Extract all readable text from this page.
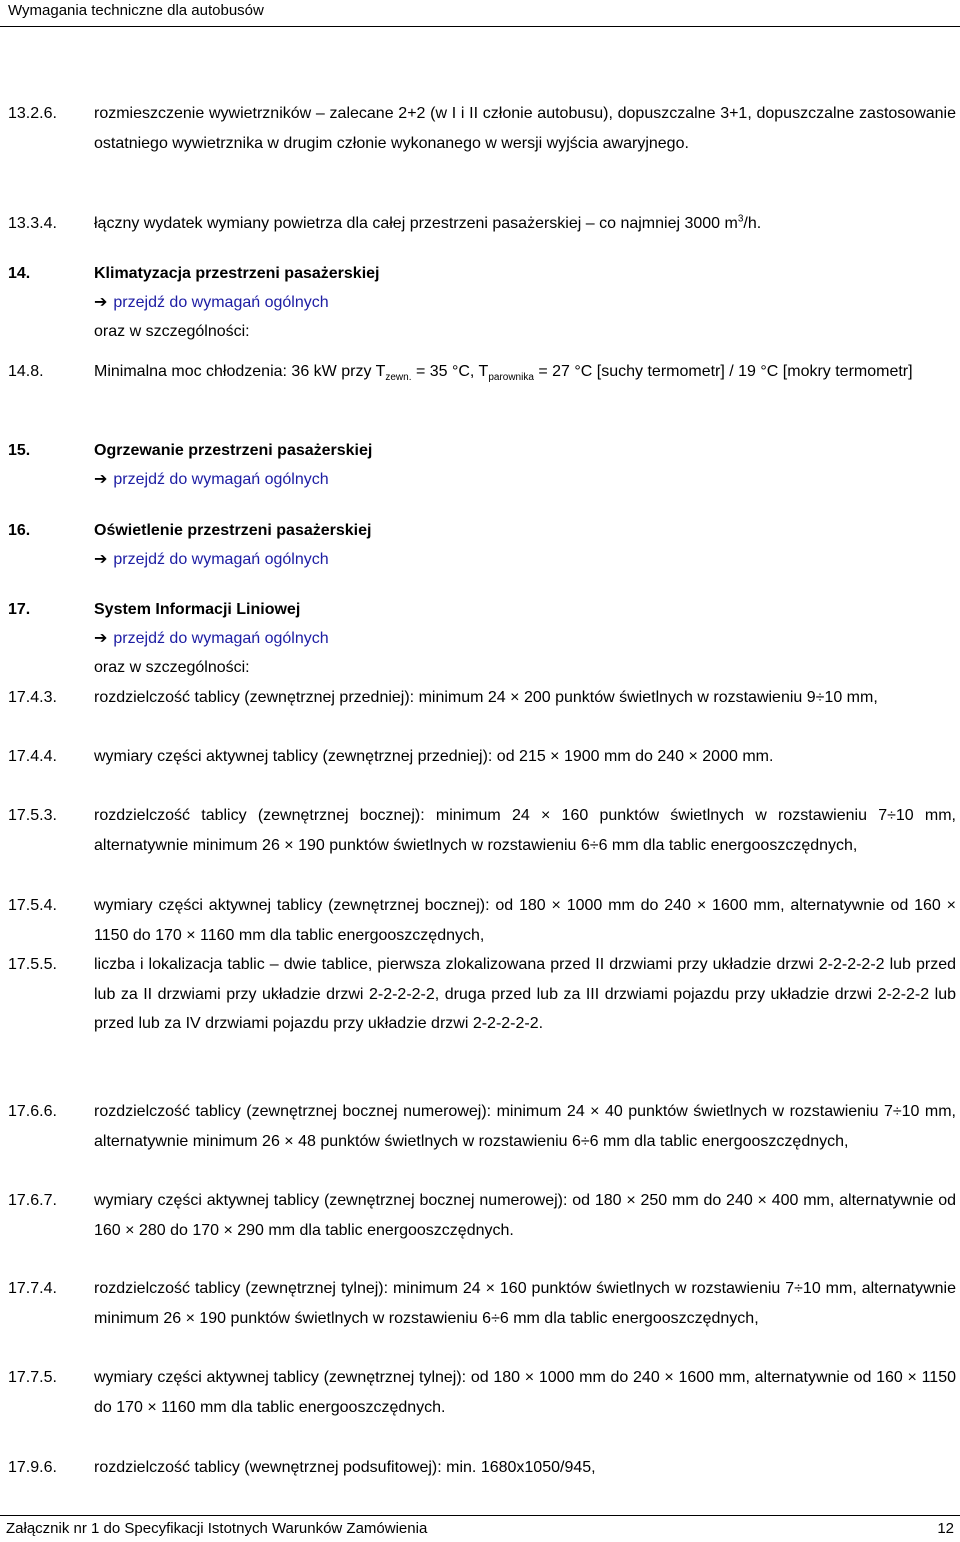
Wymagania techniczne dla autobusów
13.2.6.	rozmieszczenie wywietrzników – zalecane 2+2 (w I i II członie autobusu), dopuszczalne 3+1, dopuszczalne zastosowanie ostatniego wywietrznika w drugim członie wykonanego w wersji wyjścia awaryjnego.
13.3.4.	łączny wydatek wymiany powietrza dla całej przestrzeni pasażerskiej – co najmniej 3000 $m^3/h$.
14.	Klimatyzacja przestrzeni pasażerskiej
➔ przejdź do wymagań ogólnych
oraz w szczególności:
14.8.	Minimalna moc chłodzenia: 36 kW przy $T_{zewn.} = 35$ °C, $T_{parownika} = 27$ °C [suchy termometr] / 19 °C [mokry termometr]
15.	Ogrzewanie przestrzeni pasażerskiej
➔ przejdź do wymagań ogólnych
16.	Oświetlenie przestrzeni pasażerskiej
➔ przejdź do wymagań ogólnych
17.	System Informacji Liniowej
➔ przejdź do wymagań ogólnych
oraz w szczególności:
17.4.3.	rozdzielczość tablicy (zewnętrznej przedniej): minimum 24 × 200 punktów świetlnych w rozstawieniu 9÷10 mm,
17.4.4.	wymiary części aktywnej tablicy (zewnętrznej przedniej): od 215 × 1900 mm do 240 × 2000 mm.
17.5.3.	rozdzielczość tablicy (zewnętrznej bocznej): minimum 24 × 160 punktów świetlnych w rozstawieniu 7÷10 mm, alternatywnie minimum 26 × 190 punktów świetlnych w rozstawieniu 6÷6 mm dla tablic energooszczędnych,
17.5.4.	wymiary części aktywnej tablicy (zewnętrznej bocznej): od 180 × 1000 mm do 240 × 1600 mm, alternatywnie od 160 × 1150 do 170 × 1160 mm dla tablic energooszczędnych,
17.5.5.	liczba i lokalizacja tablic – dwie tablice, pierwsza zlokalizowana przed II drzwiami przy układzie drzwi 2-2-2-2-2 lub przed lub za II drzwiami przy układzie drzwi 2-2-2-2-2, druga przed lub za III drzwiami pojazdu przy układzie drzwi 2-2-2-2 lub przed lub za IV drzwiami pojazdu przy układzie drzwi 2-2-2-2-2.
17.6.6.	rozdzielczość tablicy (zewnętrznej bocznej numerowej): minimum 24 × 40 punktów świetlnych w rozstawieniu 7÷10 mm, alternatywnie minimum 26 × 48 punktów świetlnych w rozstawieniu 6÷6 mm dla tablic energooszczędnych,
17.6.7.	wymiary części aktywnej tablicy (zewnętrznej bocznej numerowej): od 180 × 250 mm do 240 × 400 mm, alternatywnie od 160 × 280 do 170 × 290 mm dla tablic energooszczędnych.
17.7.4.	rozdzielczość tablicy (zewnętrznej tylnej): minimum 24 × 160 punktów świetlnych w rozstawieniu 7÷10 mm, alternatywnie minimum 26 × 190 punktów świetlnych w rozstawieniu 6÷6 mm dla tablic energooszczędnych,
17.7.5.	wymiary części aktywnej tablicy (zewnętrznej tylnej): od 180 × 1000 mm do 240 × 1600 mm, alternatywnie od 160 × 1150 do 170 × 1160 mm dla tablic energooszczędnych.
17.9.6.	rozdzielczość tablicy (wewnętrznej podsufitowej): min. 1680x1050/945,
Załącznik nr 1 do Specyfikacji Istotnych Warunków Zamówienia	12
